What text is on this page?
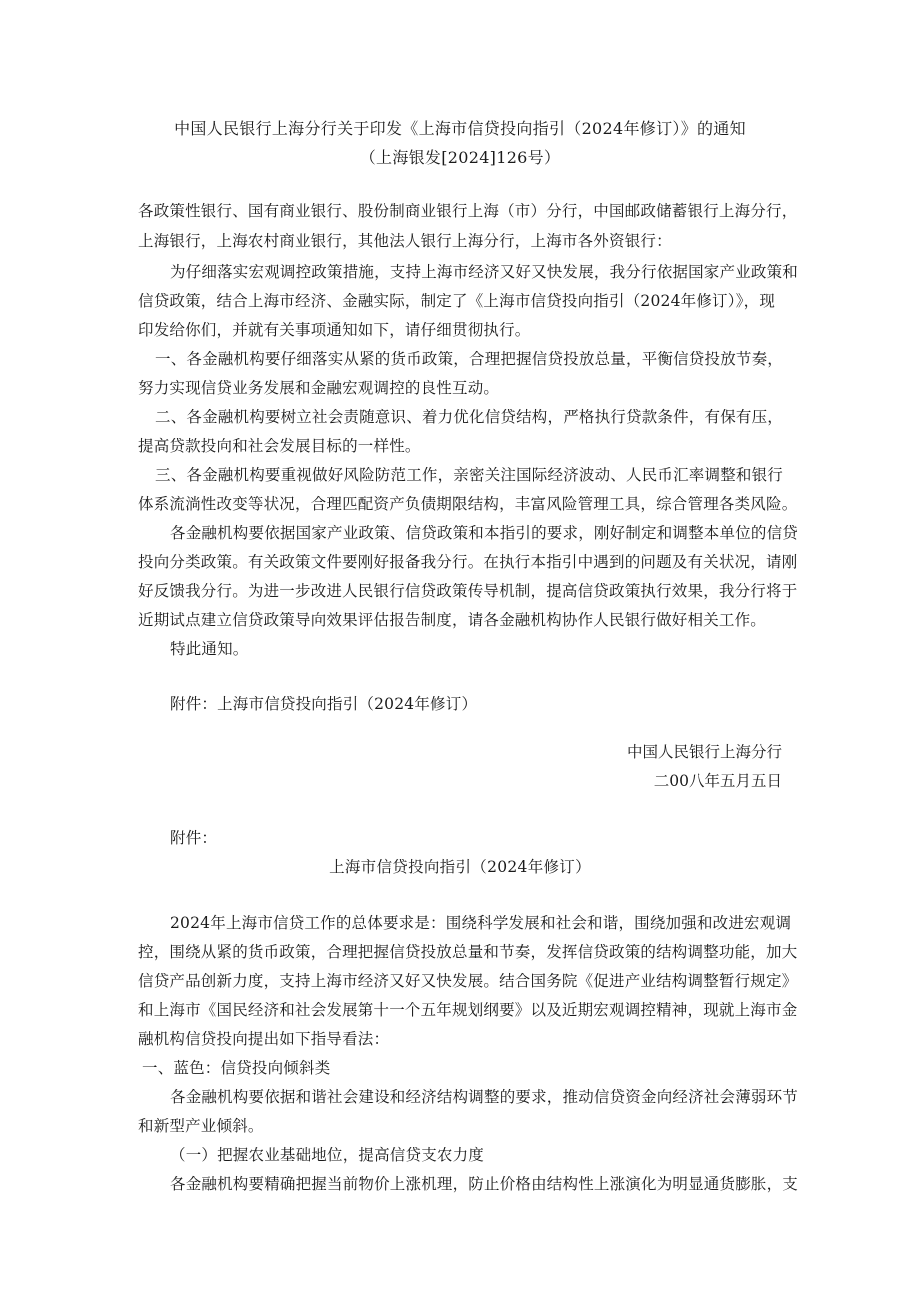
中国人民银行上海分行关于印发《上海市信贷投向指引（2024年修订）》的通知
（上海银发[2024]126号）
各政策性银行、国有商业银行、股份制商业银行上海（市）分行，中国邮政储蓄银行上海分行，
上海银行，上海农村商业银行，其他法人银行上海分行，上海市各外资银行：
为仔细落实宏观调控政策措施，支持上海市经济又好又快发展，我分行依据国家产业政策和
信贷政策，结合上海市经济、金融实际，制定了《上海市信贷投向指引（2024年修订）》，现
印发给你们，并就有关事项通知如下，请仔细贯彻执行。
一、各金融机构要仔细落实从紧的货币政策，合理把握信贷投放总量，平衡信贷投放节奏，
努力实现信贷业务发展和金融宏观调控的良性互动。
二、各金融机构要树立社会责随意识、着力优化信贷结构，严格执行贷款条件，有保有压，
提高贷款投向和社会发展目标的一样性。
三、各金融机构要重视做好风险防范工作，亲密关注国际经济波动、人民币汇率调整和银行
体系流淌性改变等状况，合理匹配资产负债期限结构，丰富风险管理工具，综合管理各类风险。
各金融机构要依据国家产业政策、信贷政策和本指引的要求，刚好制定和调整本单位的信贷
投向分类政策。有关政策文件要刚好报备我分行。在执行本指引中遇到的问题及有关状况，请刚
好反馈我分行。为进一步改进人民银行信贷政策传导机制，提高信贷政策执行效果，我分行将于
近期试点建立信贷政策导向效果评估报告制度，请各金融机构协作人民银行做好相关工作。
特此通知。
附件：上海市信贷投向指引（2024年修订）
中国人民银行上海分行
二00八年五月五日
附件：
上海市信贷投向指引（2024年修订）
2024年上海市信贷工作的总体要求是：围绕科学发展和社会和谐，围绕加强和改进宏观调
控，围绕从紧的货币政策，合理把握信贷投放总量和节奏，发挥信贷政策的结构调整功能，加大
信贷产品创新力度，支持上海市经济又好又快发展。结合国务院《促进产业结构调整暂行规定》
和上海市《国民经济和社会发展第十一个五年规划纲要》以及近期宏观调控精神，现就上海市金
融机构信贷投向提出如下指导看法：
一、蓝色：信贷投向倾斜类
各金融机构要依据和谐社会建设和经济结构调整的要求，推动信贷资金向经济社会薄弱环节
和新型产业倾斜。
（一）把握农业基础地位，提高信贷支农力度
各金融机构要精确把握当前物价上涨机理，防止价格由结构性上涨演化为明显通货膨胀，支
